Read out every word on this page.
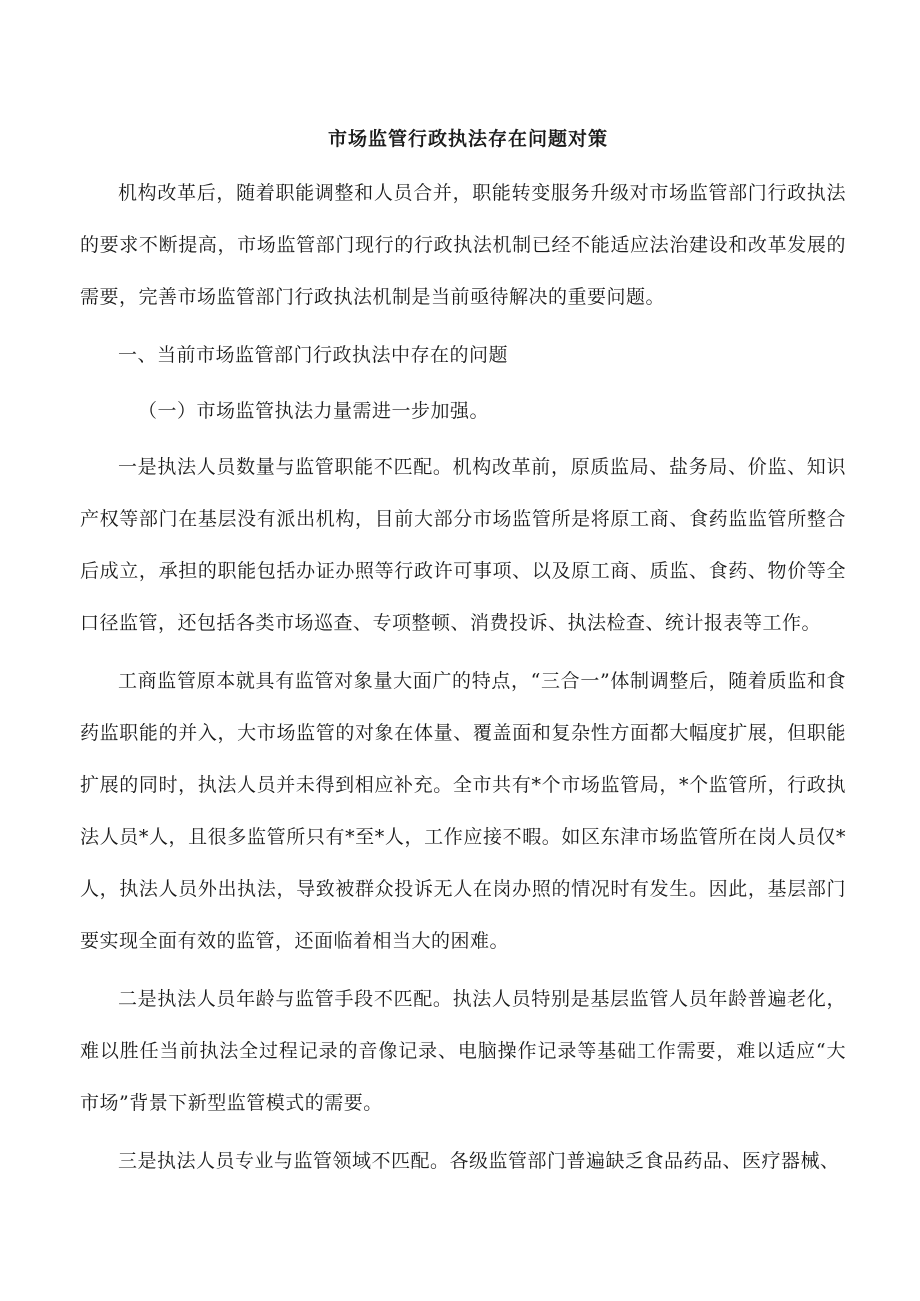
市场监管行政执法存在问题对策

机构改革后，随着职能调整和人员合并，职能转变服务升级对市场监管部门行政执法的要求不断提高，市场监管部门现行的行政执法机制已经不能适应法治建设和改革发展的需要，完善市场监管部门行政执法机制是当前亟待解决的重要问题。

一、当前市场监管部门行政执法中存在的问题

（一）市场监管执法力量需进一步加强。

一是执法人员数量与监管职能不匹配。机构改革前，原质监局、盐务局、价监、知识产权等部门在基层没有派出机构，目前大部分市场监管所是将原工商、食药监监管所整合后成立，承担的职能包括办证办照等行政许可事项、以及原工商、质监、食药、物价等全口径监管，还包括各类市场巡查、专项整顿、消费投诉、执法检查、统计报表等工作。

工商监管原本就具有监管对象量大面广的特点，“三合一”体制调整后，随着质监和食药监职能的并入，大市场监管的对象在体量、覆盖面和复杂性方面都大幅度扩展，但职能扩展的同时，执法人员并未得到相应补充。全市共有*个市场监管局，*个监管所，行政执法人员*人，且很多监管所只有*至*人，工作应接不暇。如区东津市场监管所在岗人员仅*人，执法人员外出执法，导致被群众投诉无人在岗办照的情况时有发生。因此，基层部门要实现全面有效的监管，还面临着相当大的困难。

二是执法人员年龄与监管手段不匹配。执法人员特别是基层监管人员年龄普遍老化，难以胜任当前执法全过程记录的音像记录、电脑操作记录等基础工作需要，难以适应“大市场”背景下新型监管模式的需要。

三是执法人员专业与监管领域不匹配。各级监管部门普遍缺乏食品药品、医疗器械、
